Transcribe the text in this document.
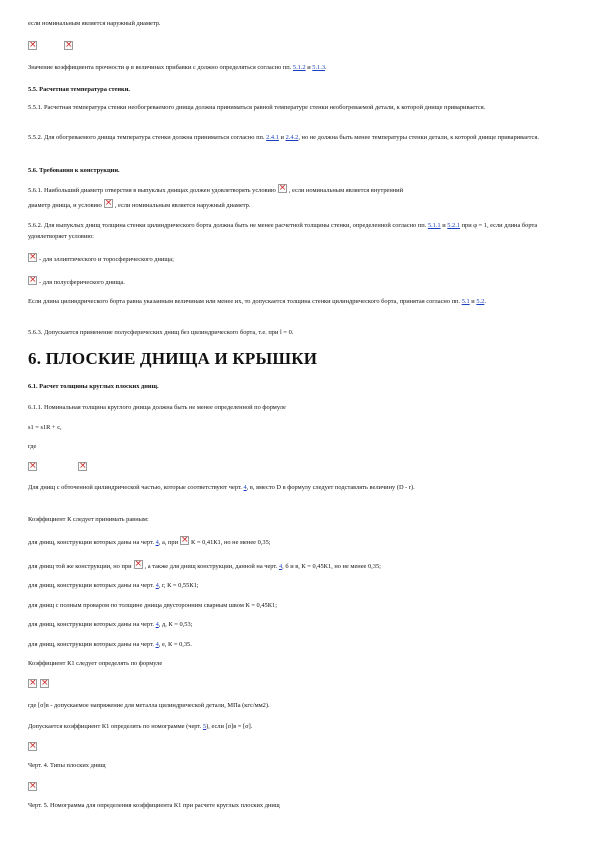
если номинальным является наружный диаметр.
×
×
Значение коэффициента прочности φ в величинах прибавки с должно определяться согласно пп. 5.1.2 и 5.1.3.
5.5. Расчетная температура стенки.
5.5.1. Расчетная температура стенки необогреваемого днища должна приниматься равной температуре стенки необогреваемой детали, к которой днище приваривается.
5.5.2. Для обогреваемого днища температура стенки должна приниматься согласно пп. 2.4.1 и 2.4.2, но не должна быть менее температуры стенки детали, к которой днище приваривается.
5.6. Требования к конструкции.
5.6.1. Наибольший диаметр отверстия в выпуклых днищах должен удовлетворять условию × , если номинальным является внутренний
диаметр днища, и условию × , если номинальным является наружный диаметр.
5.6.2. Для выпуклых днищ толщина стенки цилиндрического борта должна быть не менее расчетной толщины стенки, определенной согласно пп. 5.1.1 и 5.2.1 при φ = 1, если длина борта удовлетворяет условию:
×- для эллиптического и торосферического днища;
×- для полусферического днища.
Если длина цилиндрического борта равна указанным величинам или менее их, то допускается толщина стенки цилиндрического борта, принятая согласно пп. 5.1 и 5.2.
5.6.3. Допускается применение полусферических днищ без цилиндрического борта, т.е. при l = 0.
6. ПЛОСКИЕ ДНИЩА И КРЫШКИ
6.1. Расчет толщины круглых плоских днищ.
6.1.1. Номинальная толщина круглого днища должна быть не менее определенной по формуле
s1 = s1R + c,
где
×
×
Для днищ с обточенной цилиндрической частью, которые соответствуют черт. 4, в, вместо D в формулу следует подставлять величину (D - r).
Коэффициент К следует принимать равным:
для днищ, конструкции которых даны на черт. 4, а, при × К = 0,41К1, но не менее 0,35;
для днищ той же конструкции, но при × , а также для днищ конструкции, данной на черт. 4, б и в, К = 0,45К1, но не менее 0,35;
для днищ, конструкции которых даны на черт. 4, г, К = 0,55К1;
для днищ с полным проваром по толщине днища двусторонним сварным швом К = 0,45К1;
для днищ, конструкции которых даны на черт. 4, д, К = 0,53;
для днищ, конструкции которых даны на черт. 4, е, К = 0,35.
Коэффициент К1 следует определять по формуле
×
×
где [σ]в - допускаемое напряжение для металла цилиндрической детали, МПа (кгс/мм2).
Допускается коэффициент К1 определять по номограмме (черт. 5), если [σ]в = [σ].
×
Черт. 4. Типы плоских днищ
×
Черт. 5. Номограмма для определения коэффициента К1 при расчете круглых плоских днищ
